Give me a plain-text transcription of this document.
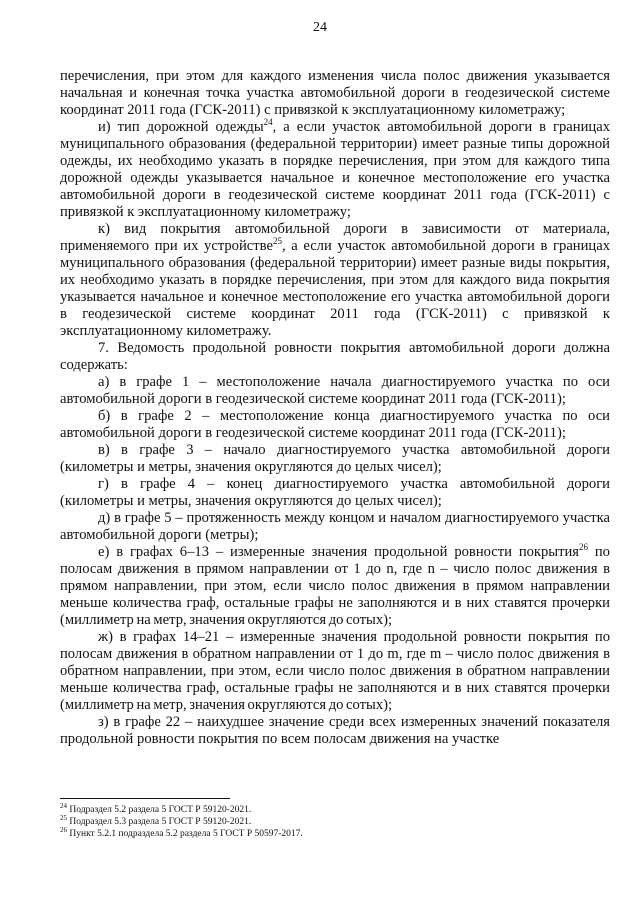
24

перечисления, при этом для каждого изменения числа полос движения указывается начальная и конечная точка участка автомобильной дороги в геодезической системе координат 2011 года (ГСК-2011) с привязкой к эксплуатационному километражу;

и) тип дорожной одежды$^{24}$, а если участок автомобильной дороги в границах муниципального образования (федеральной территории) имеет разные типы дорожной одежды, их необходимо указать в порядке перечисления, при этом для каждого типа дорожной одежды указывается начальное и конечное местоположение его участка автомобильной дороги в геодезической системе координат 2011 года (ГСК-2011) с привязкой к эксплуатационному километражу;

к) вид покрытия автомобильной дороги в зависимости от материала, применяемого при их устройстве$^{25}$, а если участок автомобильной дороги в границах муниципального образования (федеральной территории) имеет разные виды покрытия, их необходимо указать в порядке перечисления, при этом для каждого вида покрытия указывается начальное и конечное местоположение его участка автомобильной дороги в геодезической системе координат 2011 года (ГСК-2011) с привязкой к эксплуатационному километражу.

7. Ведомость продольной ровности покрытия автомобильной дороги должна содержать:

а) в графе 1 – местоположение начала диагностируемого участка по оси автомобильной дороги в геодезической системе координат 2011 года (ГСК-2011);

б) в графе 2 – местоположение конца диагностируемого участка по оси автомобильной дороги в геодезической системе координат 2011 года (ГСК-2011);

в) в графе 3 – начало диагностируемого участка автомобильной дороги (километры и метры, значения округляются до целых чисел);

г) в графе 4 – конец диагностируемого участка автомобильной дороги (километры и метры, значения округляются до целых чисел);

д) в графе 5 – протяженность между концом и началом диагностируемого участка автомобильной дороги (метры);

е) в графах 6–13 – измеренные значения продольной ровности покрытия$^{26}$ по полосам движения в прямом направлении от 1 до n, где n – число полос движения в прямом направлении, при этом, если число полос движения в прямом направлении меньше количества граф, остальные графы не заполняются и в них ставятся прочерки (миллиметр на метр, значения округляются до сотых);

ж) в графах 14–21 – измеренные значения продольной ровности покрытия по полосам движения в обратном направлении от 1 до m, где m – число полос движения в обратном направлении, при этом, если число полос движения в обратном направлении меньше количества граф, остальные графы не заполняются и в них ставятся прочерки (миллиметр на метр, значения округляются до сотых);

з) в графе 22 – наихудшее значение среди всех измеренных значений показателя продольной ровности покрытия по всем полосам движения на участке

$^{24}$ Подраздел 5.2 раздела 5 ГОСТ Р 59120-2021.

$^{25}$ Подраздел 5.3 раздела 5 ГОСТ Р 59120-2021.

$^{26}$ Пункт 5.2.1 подраздела 5.2 раздела 5 ГОСТ Р 50597-2017.
